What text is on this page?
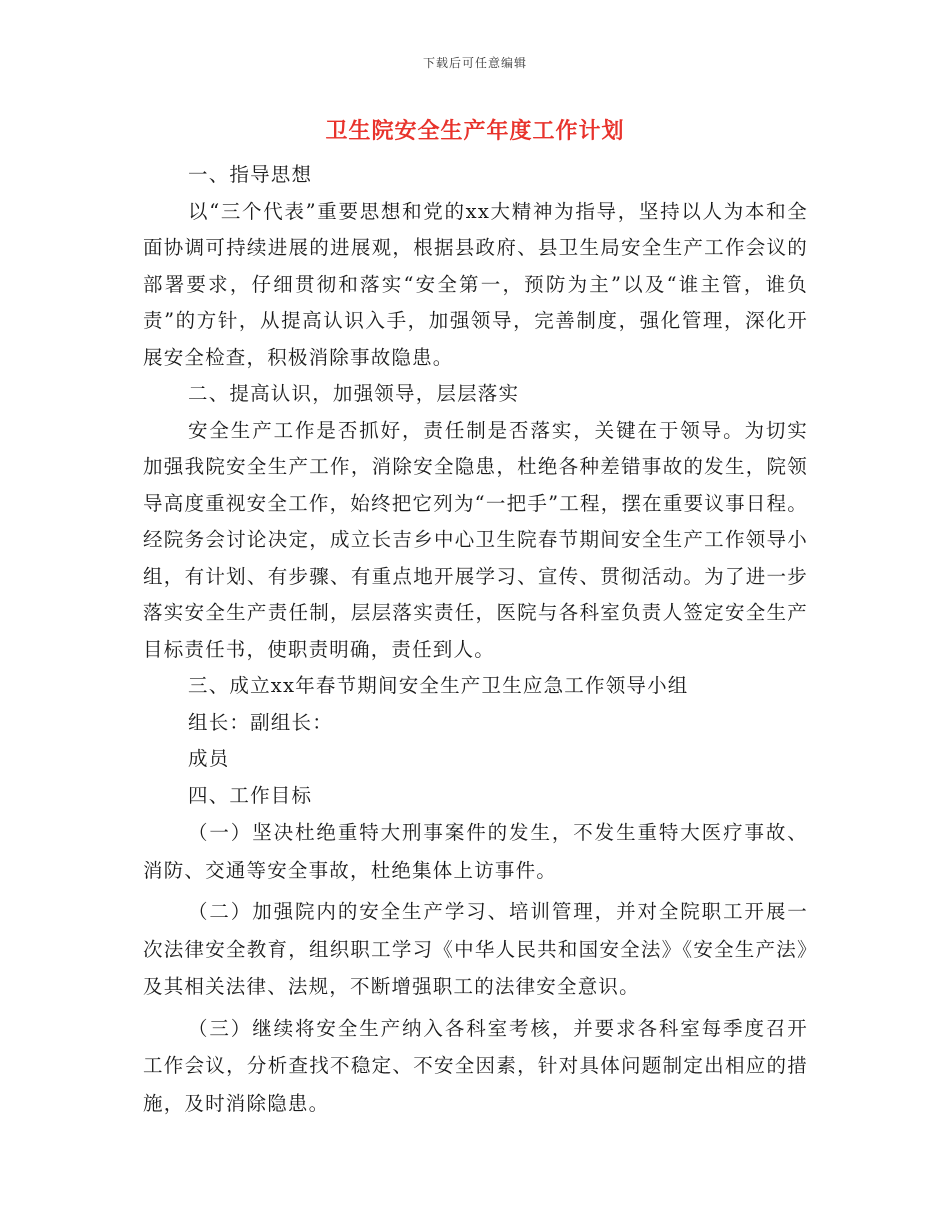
下载后可任意编辑
卫生院安全生产年度工作计划

一、指导思想

以“三个代表”重要思想和党的xx大精神为指导，坚持以人为本和全面协调可持续进展的进展观，根据县政府、县卫生局安全生产工作会议的部署要求，仔细贯彻和落实“安全第一，预防为主”以及“谁主管，谁负责”的方针，从提高认识入手，加强领导，完善制度，强化管理，深化开展安全检查，积极消除事故隐患。

二、提高认识，加强领导，层层落实

安全生产工作是否抓好，责任制是否落实，关键在于领导。为切实加强我院安全生产工作，消除安全隐患，杜绝各种差错事故的发生，院领导高度重视安全工作，始终把它列为“一把手”工程，摆在重要议事日程。经院务会讨论决定，成立长吉乡中心卫生院春节期间安全生产工作领导小组，有计划、有步骤、有重点地开展学习、宣传、贯彻活动。为了进一步落实安全生产责任制，层层落实责任，医院与各科室负责人签定安全生产目标责任书，使职责明确，责任到人。

三、成立xx年春节期间安全生产卫生应急工作领导小组

组长：副组长：

成员

四、工作目标

（一）坚决杜绝重特大刑事案件的发生，不发生重特大医疗事故、消防、交通等安全事故，杜绝集体上访事件。

（二）加强院内的安全生产学习、培训管理，并对全院职工开展一次法律安全教育，组织职工学习《中华人民共和国安全法》《安全生产法》及其相关法律、法规，不断增强职工的法律安全意识。

（三）继续将安全生产纳入各科室考核，并要求各科室每季度召开工作会议，分析查找不稳定、不安全因素，针对具体问题制定出相应的措施，及时消除隐患。
